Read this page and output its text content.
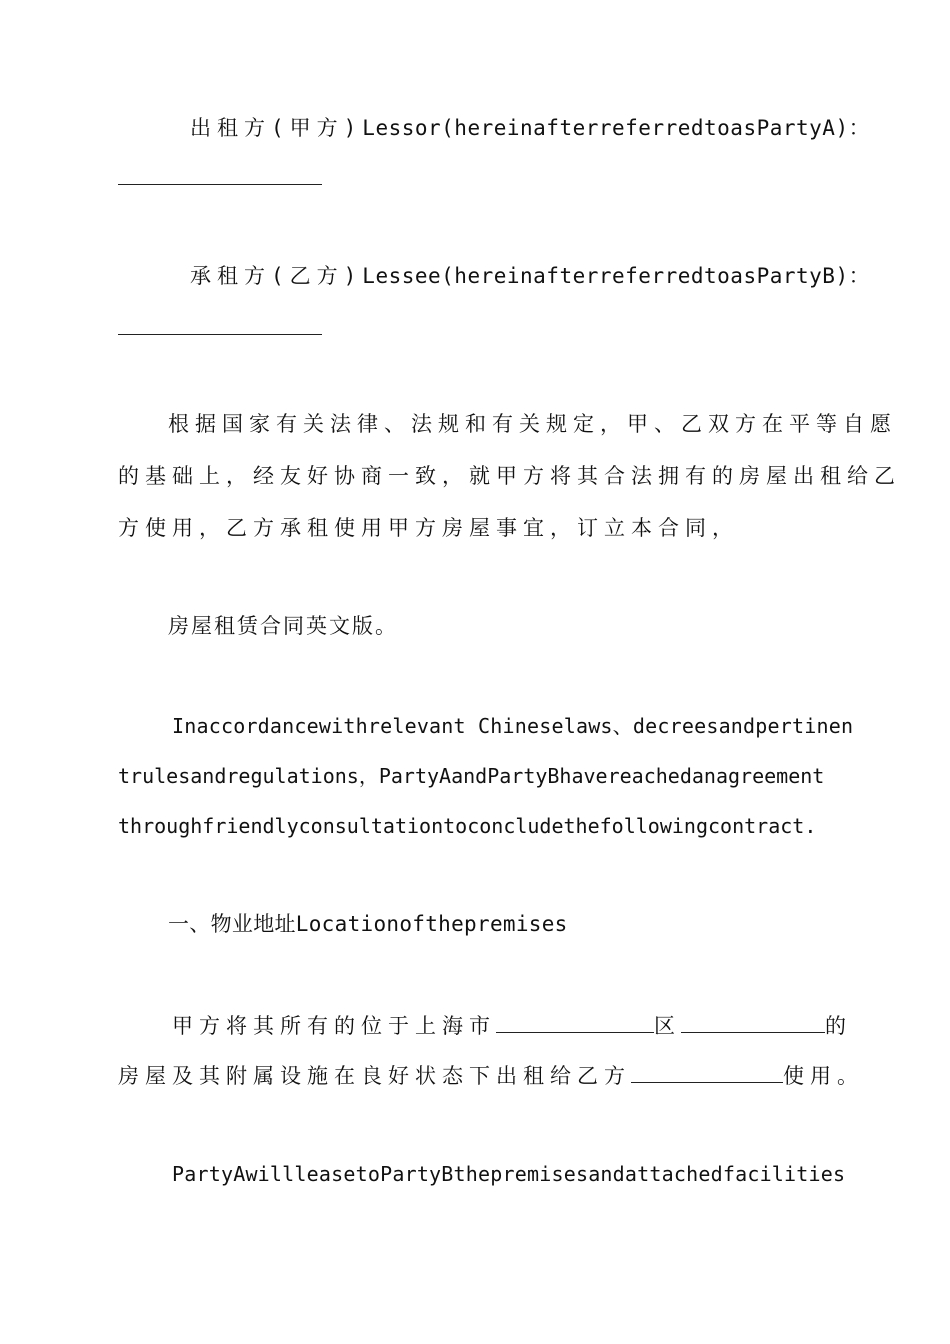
出租方(甲方)Lessor(hereinafterreferredtoasPartyA)：
承租方(乙方)Lessee(hereinafterreferredtoasPartyB)：
根据国家有关法律、法规和有关规定，甲、乙双方在平等自愿
的基础上，经友好协商一致，就甲方将其合法拥有的房屋出租给乙
方使用，乙方承租使用甲方房屋事宜，订立本合同，
房屋租赁合同英文版。
Inaccordancewithrelevant Chineselaws、decreesandpertinen
trulesandregulations，PartyAandPartyBhavereachedanagreement
throughfriendlyconsultationtoconcludethefollowingcontract.
一、物业地址Locationofthepremises
甲方将其所有的位于上海市	区	的
房屋及其附属设施在良好状态下出租给乙方	使用。
PartyAwillleasetoPartyBthepremisesandattachedfacilities
